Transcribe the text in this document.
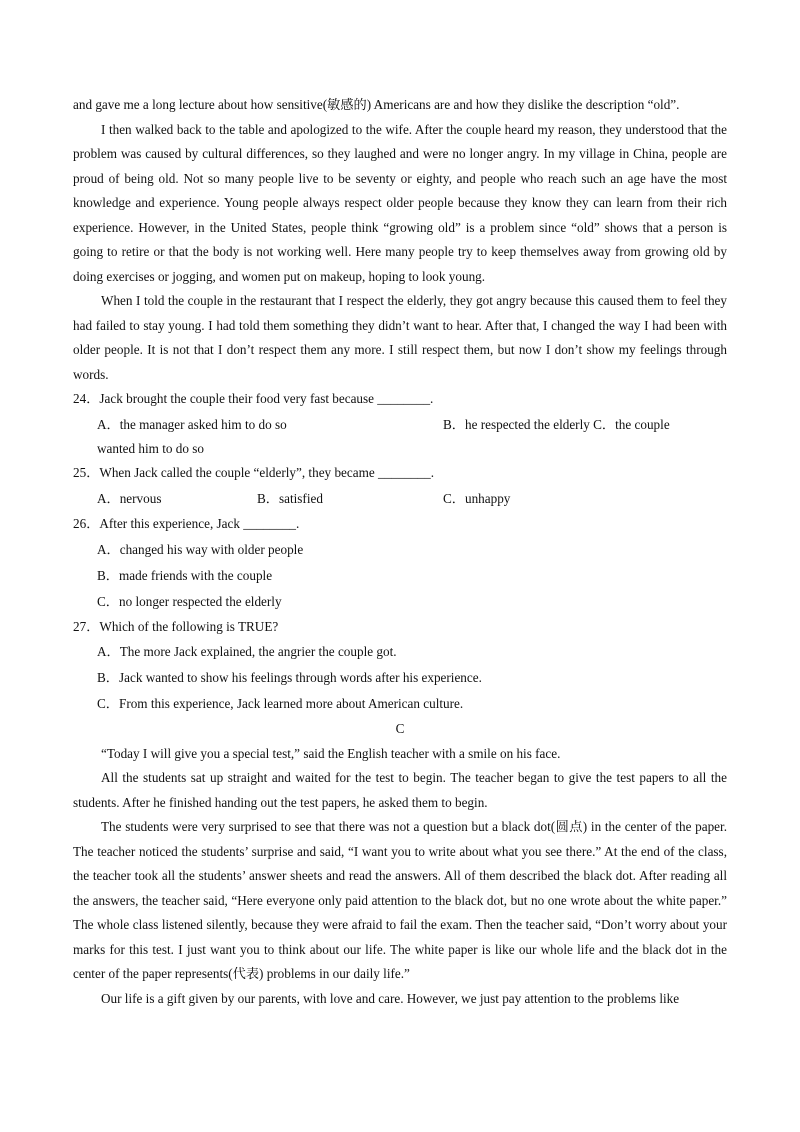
and gave me a long lecture about how sensitive(敏感的) Americans are and how they dislike the description “old”.

I then walked back to the table and apologized to the wife. After the couple heard my reason, they understood that the problem was caused by cultural differences, so they laughed and were no longer angry. In my village in China, people are proud of being old. Not so many people live to be seventy or eighty, and people who reach such an age have the most knowledge and experience. Young people always respect older people because they know they can learn from their rich experience. However, in the United States, people think “growing old” is a problem since “old” shows that a person is going to retire or that the body is not working well. Here many people try to keep themselves away from growing old by doing exercises or jogging, and women put on makeup, hoping to look young.

When I told the couple in the restaurant that I respect the elderly, they got angry because this caused them to feel they had failed to stay young. I had told them something they didn’t want to hear. After that, I changed the way I had been with older people. It is not that I don’t respect them any more. I still respect them, but now I don’t show my feelings through words.

24．Jack brought the couple their food very fast because ________.

A．the manager asked him to do so	B．he respected the elderly C．the couple

wanted him to do so

25．When Jack called the couple “elderly”, they became ________.

A．nervous	B．satisfied	C．unhappy

26．After this experience, Jack ________.

A．changed his way with older people

B．made friends with the couple

C．no longer respected the elderly

27．Which of the following is TRUE?

A．The more Jack explained, the angrier the couple got.

B．Jack wanted to show his feelings through words after his experience.

C．From this experience, Jack learned more about American culture.

C

“Today I will give you a special test,” said the English teacher with a smile on his face.

All the students sat up straight and waited for the test to begin. The teacher began to give the test papers to all the students. After he finished handing out the test papers, he asked them to begin.

The students were very surprised to see that there was not a question but a black dot(圆点) in the center of the paper. The teacher noticed the students’ surprise and said, “I want you to write about what you see there.” At the end of the class, the teacher took all the students’ answer sheets and read the answers. All of them described the black dot. After reading all the answers, the teacher said, “Here everyone only paid attention to the black dot, but no one wrote about the white paper.” The whole class listened silently, because they were afraid to fail the exam. Then the teacher said, “Don’t worry about your marks for this test. I just want you to think about our life. The white paper is like our whole life and the black dot in the center of the paper represents(代表) problems in our daily life.”

Our life is a gift given by our parents, with love and care. However, we just pay attention to the problems like
